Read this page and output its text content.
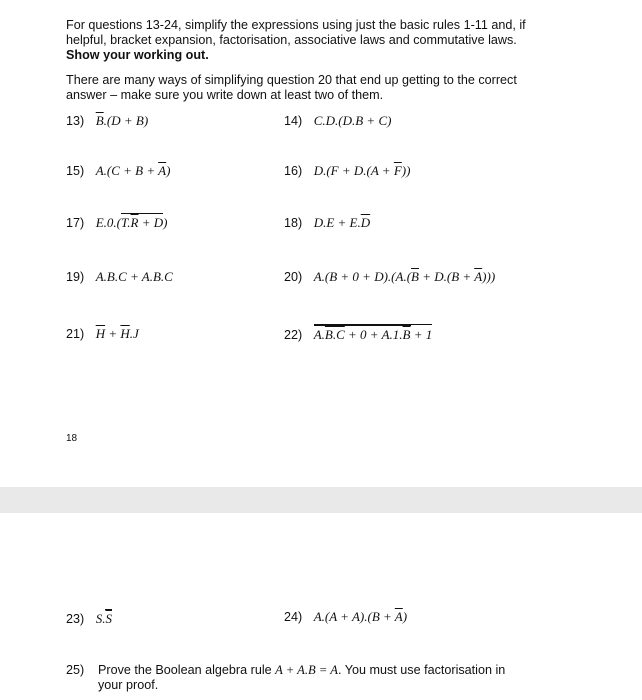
For questions 13-24, simplify the expressions using just the basic rules 1-11 and, if
helpful, bracket expansion, factorisation, associative laws and commutative laws.
Show your working out.
There are many ways of simplifying question 20 that end up getting to the correct
answer – make sure you write down at least two of them.
13) $\overline{B}.(D + B)$	14) C.D.(D.B + C)
15) $A.(C + B + \overline{A})$	16) $D.(F + D.(A + \overline{F}))$
17) $E.0.(T.\overline{R} + D)$	18) $D.E + E.\overline{D}$
19) A.B.C + A.B.C	20) $A.(B + 0 + D).(A.(\overline{B} + D.(B + \overline{A})))$
21) $\overline{H} + \overline{H}.J$	22) $A.B.C + 0 + A.1.\overline{B} + 1$
18
23) $S.\overline{S}$	24) $A.(A + A).(B + \overline{A})$
25) Prove the Boolean algebra rule A + A.B = A. You must use factorisation in
your proof.
